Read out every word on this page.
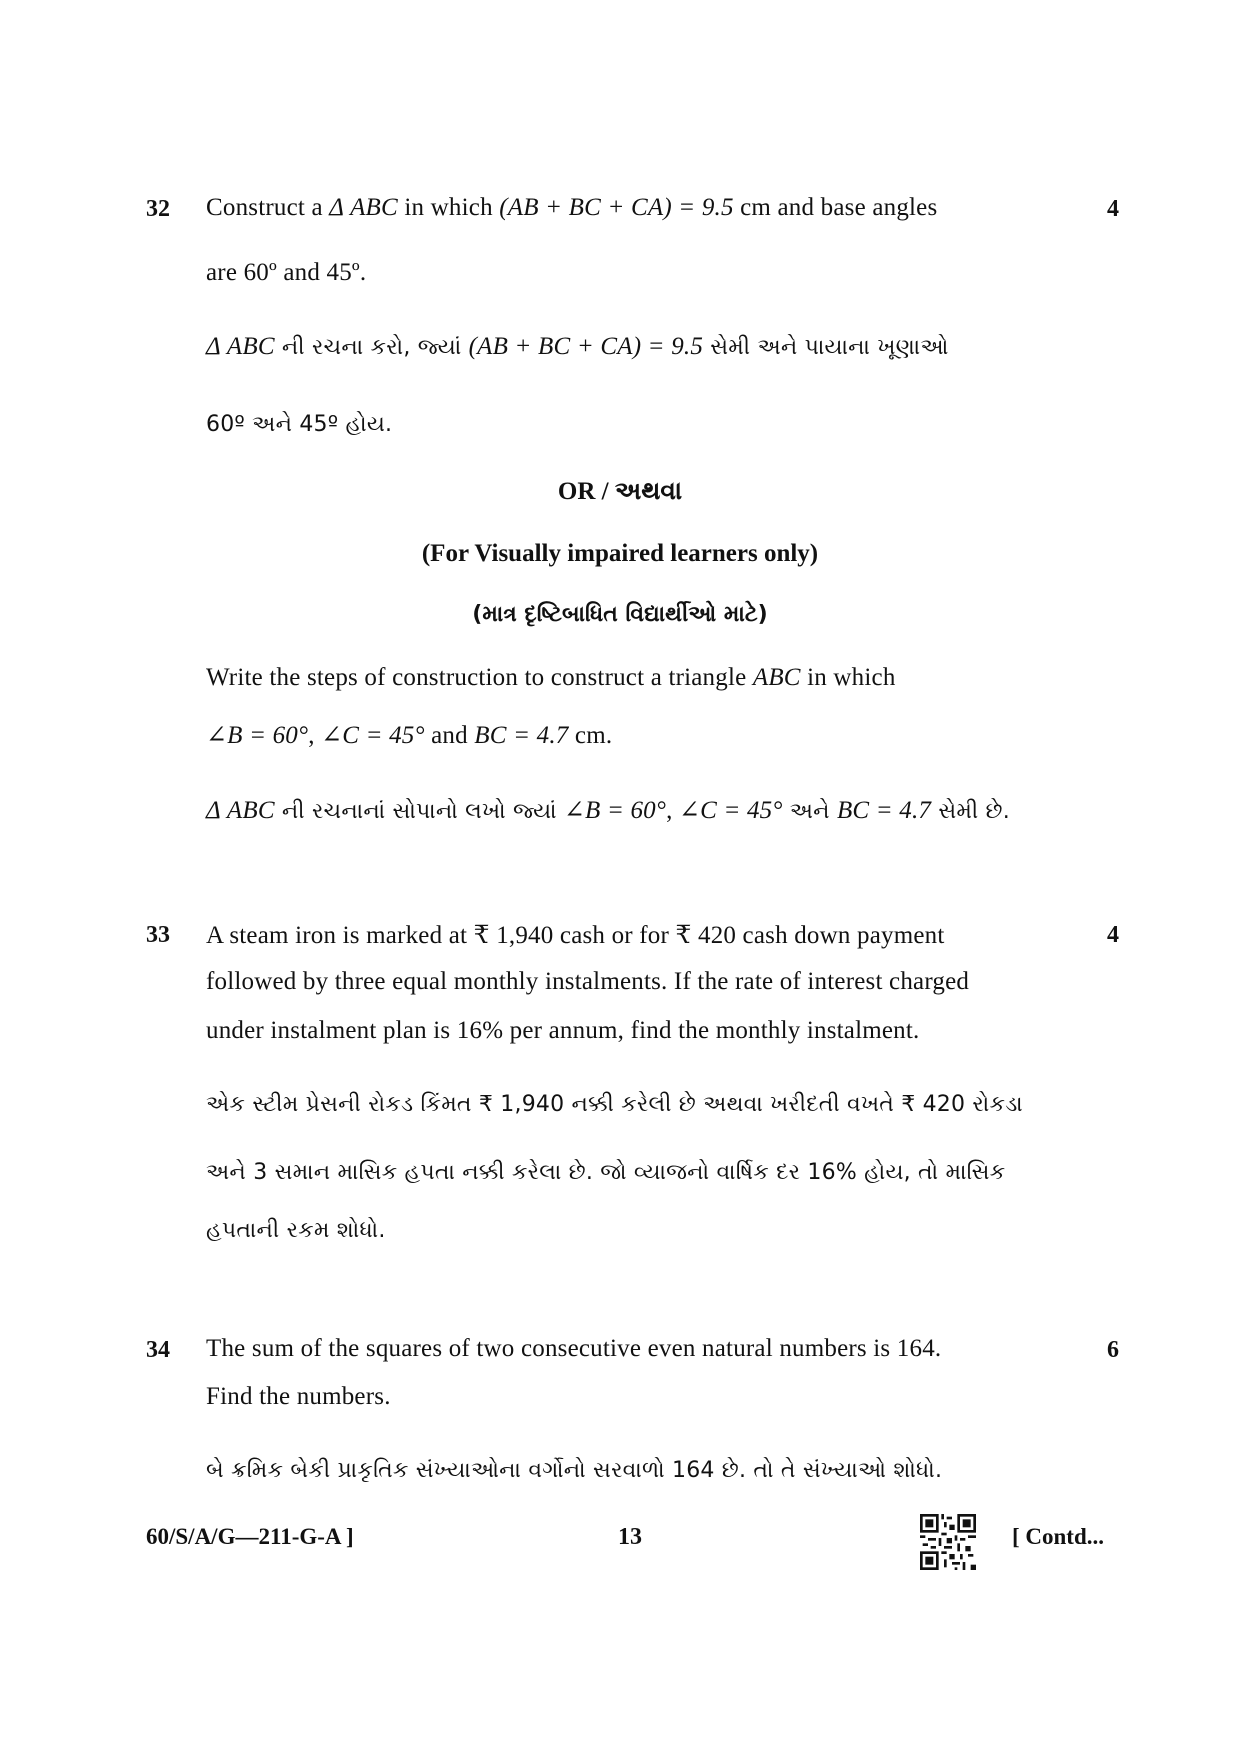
32	4
Construct a Δ ABC in which (AB + BC + CA) = 9.5 cm and base angles
are 60º and 45º.
Δ ABC ની રચના કરો, જ્યાં (AB + BC + CA) = 9.5 સેમી અને પાયાના ખૂણાઓ
60º અને 45º હોય.
OR / અથવા
(For Visually impaired learners only)
(માત્ર દૃષ્ટિબાધિત વિદ્યાર્થીઓ માટે)
Write the steps of construction to construct a triangle ABC in which
∠B = 60°, ∠C = 45° and BC = 4.7 cm.
Δ ABC ની રચનાનાં સોપાનો લખો જ્યાં ∠B = 60°, ∠C = 45° અને BC = 4.7 સેમી છે.
33	4
A steam iron is marked at ₹ 1,940 cash or for ₹ 420 cash down payment
followed by three equal monthly instalments. If the rate of interest charged
under instalment plan is 16% per annum, find the monthly instalment.
એક સ્ટીમ પ્રેસની રોકડ કિંમત ₹ 1,940 નક્કી કરેલી છે અથવા ખરીદતી વખતે ₹ 420 રોકડા
અને 3 સમાન માસિક હપતા નક્કી કરેલા છે. જો વ્યાજનો વાર્ષિક દર 16% હોય, તો માસિક
હપતાની રકમ શોધો.
34	6
The sum of the squares of two consecutive even natural numbers is 164.
Find the numbers.
બે ક્રમિક બેકી પ્રાકૃતિક સંખ્યાઓના વર્ગોનો સરવાળો 164 છે. તો તે સંખ્યાઓ શોધો.
60/S/A/G—211-G-A ]	13	[ Contd...
